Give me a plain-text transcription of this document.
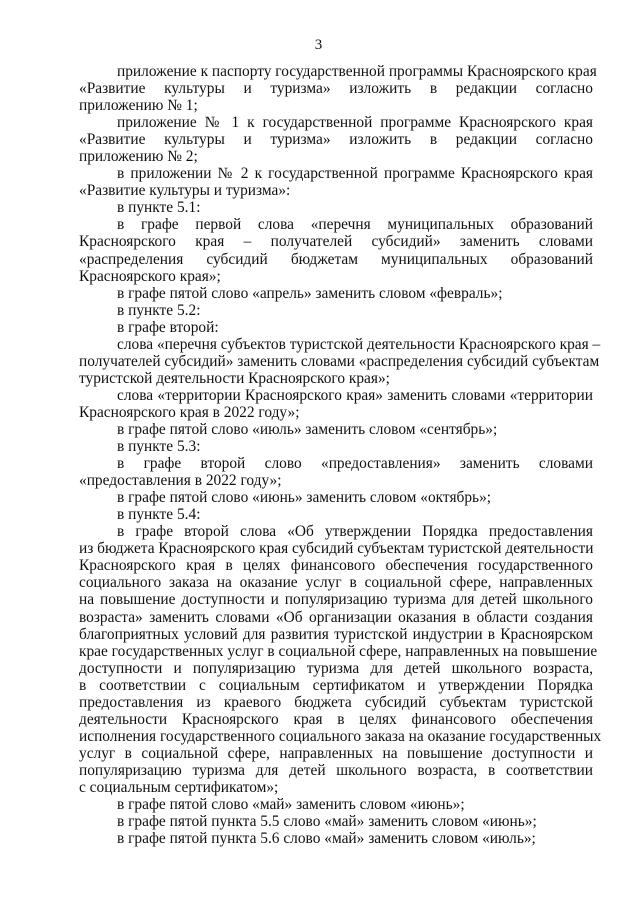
3
приложение к паспорту государственной программы Красноярского края
«Развитие культуры и туризма» изложить в редакции согласно
приложению № 1;
приложение № 1 к государственной программе Красноярского края
«Развитие культуры и туризма» изложить в редакции согласно
приложению № 2;
в приложении № 2 к государственной программе Красноярского края
«Развитие культуры и туризма»:
в пункте 5.1:
в графе первой слова «перечня муниципальных образований
Красноярского края – получателей субсидий» заменить словами
«распределения субсидий бюджетам муниципальных образований
Красноярского края»;
в графе пятой слово «апрель» заменить словом «февраль»;
в пункте 5.2:
в графе второй:
слова «перечня субъектов туристской деятельности Красноярского края –
получателей субсидий» заменить словами «распределения субсидий субъектам
туристской деятельности Красноярского края»;
слова «территории Красноярского края» заменить словами «территории
Красноярского края в 2022 году»;
в графе пятой слово «июль» заменить словом «сентябрь»;
в пункте 5.3:
в графе второй слово «предоставления» заменить словами
«предоставления в 2022 году»;
в графе пятой слово «июнь» заменить словом «октябрь»;
в пункте 5.4:
в графе второй слова «Об утверждении Порядка предоставления
из бюджета Красноярского края субсидий субъектам туристской деятельности
Красноярского края в целях финансового обеспечения государственного
социального заказа на оказание услуг в социальной сфере, направленных
на повышение доступности и популяризацию туризма для детей школьного
возраста» заменить словами «Об организации оказания в области создания
благоприятных условий для развития туристской индустрии в Красноярском
крае государственных услуг в социальной сфере, направленных на повышение
доступности и популяризацию туризма для детей школьного возраста,
в соответствии с социальным сертификатом и утверждении Порядка
предоставления из краевого бюджета субсидий субъектам туристской
деятельности Красноярского края в целях финансового обеспечения
исполнения государственного социального заказа на оказание государственных
услуг в социальной сфере, направленных на повышение доступности и
популяризацию туризма для детей школьного возраста, в соответствии
с социальным сертификатом»;
в графе пятой слово «май» заменить словом «июнь»;
в графе пятой пункта 5.5 слово «май» заменить словом «июнь»;
в графе пятой пункта 5.6 слово «май» заменить словом «июль»;
